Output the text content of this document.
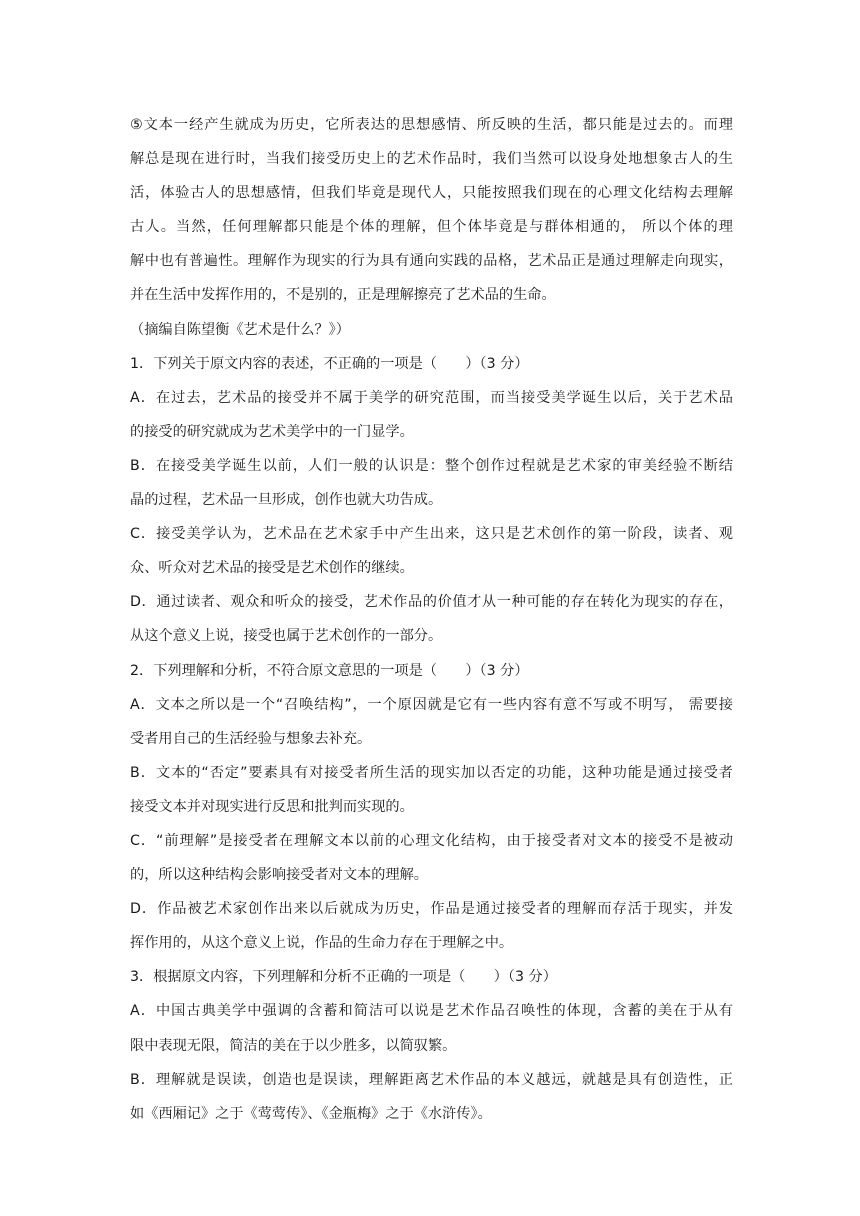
⑤文本一经产生就成为历史，它所表达的思想感情、所反映的生活，都只能是过去的。而理
解总是现在进行时，当我们接受历史上的艺术作品时，我们当然可以设身处地想象古人的生
活，体验古人的思想感情，但我们毕竟是现代人，只能按照我们现在的心理文化结构去理解
古人。当然，任何理解都只能是个体的理解，但个体毕竟是与群体相通的， 所以个体的理
解中也有普遍性。理解作为现实的行为具有通向实践的品格，艺术品正是通过理解走向现实，
并在生活中发挥作用的，不是别的，正是理解擦亮了艺术品的生命。
（摘编自陈望衡《艺术是什么？》）
1．下列关于原文内容的表述，不正确的一项是（　　）（3 分）
A．在过去，艺术品的接受并不属于美学的研究范围，而当接受美学诞生以后，关于艺术品
的接受的研究就成为艺术美学中的一门显学。
B．在接受美学诞生以前，人们一般的认识是：整个创作过程就是艺术家的审美经验不断结
晶的过程，艺术品一旦形成，创作也就大功告成。
C．接受美学认为，艺术品在艺术家手中产生出来，这只是艺术创作的第一阶段，读者、观
众、听众对艺术品的接受是艺术创作的继续。
D．通过读者、观众和听众的接受，艺术作品的价值才从一种可能的存在转化为现实的存在，
从这个意义上说，接受也属于艺术创作的一部分。
2．下列理解和分析，不符合原文意思的一项是（　　）（3 分）
A．文本之所以是一个“召唤结构”，一个原因就是它有一些内容有意不写或不明写， 需要接
受者用自己的生活经验与想象去补充。
B．文本的“否定”要素具有对接受者所生活的现实加以否定的功能，这种功能是通过接受者
接受文本并对现实进行反思和批判而实现的。
C．“前理解”是接受者在理解文本以前的心理文化结构，由于接受者对文本的接受不是被动
的，所以这种结构会影响接受者对文本的理解。
D．作品被艺术家创作出来以后就成为历史，作品是通过接受者的理解而存活于现实，并发
挥作用的，从这个意义上说，作品的生命力存在于理解之中。
3．根据原文内容，下列理解和分析不正确的一项是（　　）（3 分）
A．中国古典美学中强调的含蓄和简洁可以说是艺术作品召唤性的体现，含蓄的美在于从有
限中表现无限，简洁的美在于以少胜多，以简驭繁。
B．理解就是误读，创造也是误读，理解距离艺术作品的本义越远，就越是具有创造性，正
如《西厢记》之于《莺莺传》、《金瓶梅》之于《水浒传》。
